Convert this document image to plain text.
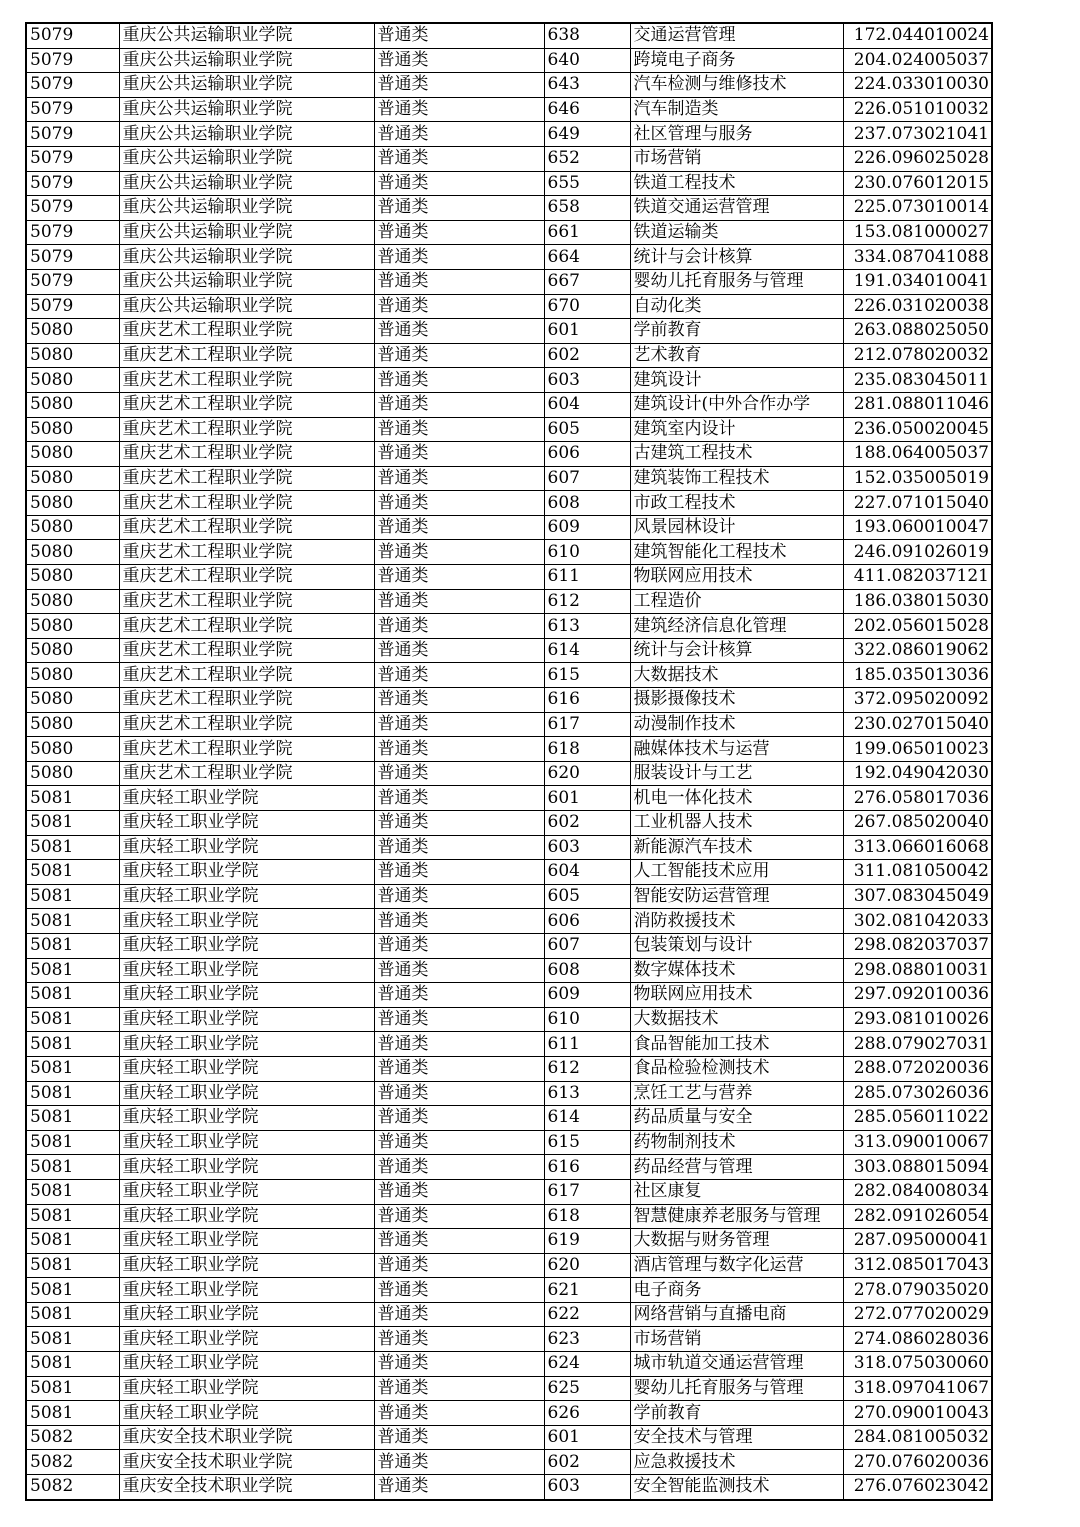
5079	重庆公共运输职业学院	普通类	638	交通运营管理	172.044010024
5079	重庆公共运输职业学院	普通类	640	跨境电子商务	204.024005037
5079	重庆公共运输职业学院	普通类	643	汽车检测与维修技术	224.033010030
5079	重庆公共运输职业学院	普通类	646	汽车制造类	226.051010032
5079	重庆公共运输职业学院	普通类	649	社区管理与服务	237.073021041
5079	重庆公共运输职业学院	普通类	652	市场营销	226.096025028
5079	重庆公共运输职业学院	普通类	655	铁道工程技术	230.076012015
5079	重庆公共运输职业学院	普通类	658	铁道交通运营管理	225.073010014
5079	重庆公共运输职业学院	普通类	661	铁道运输类	153.081000027
5079	重庆公共运输职业学院	普通类	664	统计与会计核算	334.087041088
5079	重庆公共运输职业学院	普通类	667	婴幼儿托育服务与管理	191.034010041
5079	重庆公共运输职业学院	普通类	670	自动化类	226.031020038
5080	重庆艺术工程职业学院	普通类	601	学前教育	263.088025050
5080	重庆艺术工程职业学院	普通类	602	艺术教育	212.078020032
5080	重庆艺术工程职业学院	普通类	603	建筑设计	235.083045011
5080	重庆艺术工程职业学院	普通类	604	建筑设计(中外合作办学	281.088011046
5080	重庆艺术工程职业学院	普通类	605	建筑室内设计	236.050020045
5080	重庆艺术工程职业学院	普通类	606	古建筑工程技术	188.064005037
5080	重庆艺术工程职业学院	普通类	607	建筑装饰工程技术	152.035005019
5080	重庆艺术工程职业学院	普通类	608	市政工程技术	227.071015040
5080	重庆艺术工程职业学院	普通类	609	风景园林设计	193.060010047
5080	重庆艺术工程职业学院	普通类	610	建筑智能化工程技术	246.091026019
5080	重庆艺术工程职业学院	普通类	611	物联网应用技术	411.082037121
5080	重庆艺术工程职业学院	普通类	612	工程造价	186.038015030
5080	重庆艺术工程职业学院	普通类	613	建筑经济信息化管理	202.056015028
5080	重庆艺术工程职业学院	普通类	614	统计与会计核算	322.086019062
5080	重庆艺术工程职业学院	普通类	615	大数据技术	185.035013036
5080	重庆艺术工程职业学院	普通类	616	摄影摄像技术	372.095020092
5080	重庆艺术工程职业学院	普通类	617	动漫制作技术	230.027015040
5080	重庆艺术工程职业学院	普通类	618	融媒体技术与运营	199.065010023
5080	重庆艺术工程职业学院	普通类	620	服装设计与工艺	192.049042030
5081	重庆轻工职业学院	普通类	601	机电一体化技术	276.058017036
5081	重庆轻工职业学院	普通类	602	工业机器人技术	267.085020040
5081	重庆轻工职业学院	普通类	603	新能源汽车技术	313.066016068
5081	重庆轻工职业学院	普通类	604	人工智能技术应用	311.081050042
5081	重庆轻工职业学院	普通类	605	智能安防运营管理	307.083045049
5081	重庆轻工职业学院	普通类	606	消防救援技术	302.081042033
5081	重庆轻工职业学院	普通类	607	包装策划与设计	298.082037037
5081	重庆轻工职业学院	普通类	608	数字媒体技术	298.088010031
5081	重庆轻工职业学院	普通类	609	物联网应用技术	297.092010036
5081	重庆轻工职业学院	普通类	610	大数据技术	293.081010026
5081	重庆轻工职业学院	普通类	611	食品智能加工技术	288.079027031
5081	重庆轻工职业学院	普通类	612	食品检验检测技术	288.072020036
5081	重庆轻工职业学院	普通类	613	烹饪工艺与营养	285.073026036
5081	重庆轻工职业学院	普通类	614	药品质量与安全	285.056011022
5081	重庆轻工职业学院	普通类	615	药物制剂技术	313.090010067
5081	重庆轻工职业学院	普通类	616	药品经营与管理	303.088015094
5081	重庆轻工职业学院	普通类	617	社区康复	282.084008034
5081	重庆轻工职业学院	普通类	618	智慧健康养老服务与管理	282.091026054
5081	重庆轻工职业学院	普通类	619	大数据与财务管理	287.095000041
5081	重庆轻工职业学院	普通类	620	酒店管理与数字化运营	312.085017043
5081	重庆轻工职业学院	普通类	621	电子商务	278.079035020
5081	重庆轻工职业学院	普通类	622	网络营销与直播电商	272.077020029
5081	重庆轻工职业学院	普通类	623	市场营销	274.086028036
5081	重庆轻工职业学院	普通类	624	城市轨道交通运营管理	318.075030060
5081	重庆轻工职业学院	普通类	625	婴幼儿托育服务与管理	318.097041067
5081	重庆轻工职业学院	普通类	626	学前教育	270.090010043
5082	重庆安全技术职业学院	普通类	601	安全技术与管理	284.081005032
5082	重庆安全技术职业学院	普通类	602	应急救援技术	270.076020036
5082	重庆安全技术职业学院	普通类	603	安全智能监测技术	276.076023042
